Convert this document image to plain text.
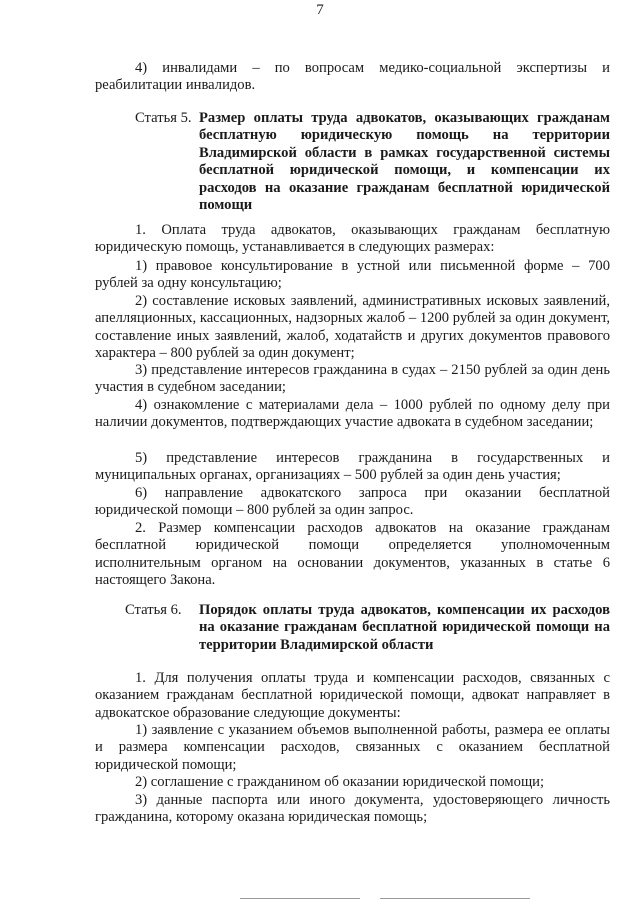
7
4) инвалидами – по вопросам медико-социальной экспертизы и реабилитации инвалидов.
Статья 5. Размер оплаты труда адвокатов, оказывающих гражданам бесплатную юридическую помощь на территории Владимирской области в рамках государственной системы бесплатной юридической помощи, и компенсации их расходов на оказание гражданам бесплатной юридической помощи
1. Оплата труда адвокатов, оказывающих гражданам бесплатную юридическую помощь, устанавливается в следующих размерах:
1) правовое консультирование в устной или письменной форме – 700 рублей за одну консультацию;
2) составление исковых заявлений, административных исковых заявлений, апелляционных, кассационных, надзорных жалоб – 1200 рублей за один документ, составление иных заявлений, жалоб, ходатайств и других документов правового характера – 800 рублей за один документ;
3) представление интересов гражданина в судах – 2150 рублей за один день участия в судебном заседании;
4) ознакомление с материалами дела – 1000 рублей по одному делу при наличии документов, подтверждающих участие адвоката в судебном заседании;
5) представление интересов гражданина в государственных и муниципальных органах, организациях – 500 рублей за один день участия;
6) направление адвокатского запроса при оказании бесплатной юридической помощи – 800 рублей за один запрос.
2. Размер компенсации расходов адвокатов на оказание гражданам бесплатной юридической помощи определяется уполномоченным исполнительным органом на основании документов, указанных в статье 6 настоящего Закона.
Статья 6.	Порядок оплаты труда адвокатов, компенсации их расходов на оказание гражданам бесплатной юридической помощи на территории Владимирской области
1. Для получения оплаты труда и компенсации расходов, связанных с оказанием гражданам бесплатной юридической помощи, адвокат направляет в адвокатское образование следующие документы:
1) заявление с указанием объемов выполненной работы, размера ее оплаты и размера компенсации расходов, связанных с оказанием бесплатной юридической помощи;
2) соглашение с гражданином об оказании юридической помощи;
3) данные паспорта или иного документа, удостоверяющего личность гражданина, которому оказана юридическая помощь;
